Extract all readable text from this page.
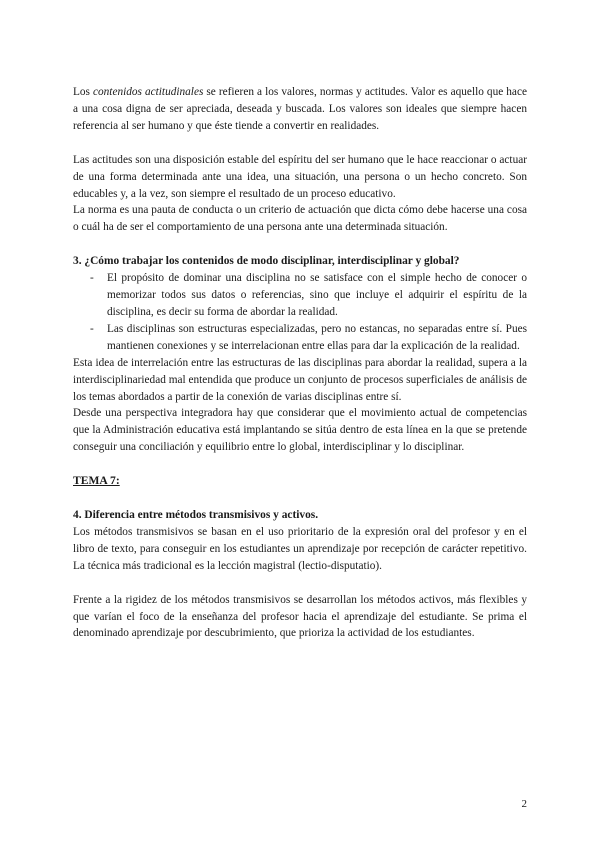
Los contenidos actitudinales se refieren a los valores, normas y actitudes. Valor es aquello que hace a una cosa digna de ser apreciada, deseada y buscada. Los valores son ideales que siempre hacen referencia al ser humano y que éste tiende a convertir en realidades.

Las actitudes son una disposición estable del espíritu del ser humano que le hace reaccionar o actuar de una forma determinada ante una idea, una situación, una persona o un hecho concreto. Son educables y, a la vez, son siempre el resultado de un proceso educativo.

La norma es una pauta de conducta o un criterio de actuación que dicta cómo debe hacerse una cosa o cuál ha de ser el comportamiento de una persona ante una determinada situación.

3. ¿Cómo trabajar los contenidos de modo disciplinar, interdisciplinar y global?
- El propósito de dominar una disciplina no se satisface con el simple hecho de conocer o memorizar todos sus datos o referencias, sino que incluye el adquirir el espíritu de la disciplina, es decir su forma de abordar la realidad.
- Las disciplinas son estructuras especializadas, pero no estancas, no separadas entre sí. Pues mantienen conexiones y se interrelacionan entre ellas para dar la explicación de la realidad.

Esta idea de interrelación entre las estructuras de las disciplinas para abordar la realidad, supera a la interdisciplinariedad mal entendida que produce un conjunto de procesos superficiales de análisis de los temas abordados a partir de la conexión de varias disciplinas entre sí.

Desde una perspectiva integradora hay que considerar que el movimiento actual de competencias que la Administración educativa está implantando se sitúa dentro de esta línea en la que se pretende conseguir una conciliación y equilibrio entre lo global, interdisciplinar y lo disciplinar.

TEMA 7:
4. Diferencia entre métodos transmisivos y activos.

Los métodos transmisivos se basan en el uso prioritario de la expresión oral del profesor y en el libro de texto, para conseguir en los estudiantes un aprendizaje por recepción de carácter repetitivo. La técnica más tradicional es la lección magistral (lectio-disputatio).

Frente a la rigidez de los métodos transmisivos se desarrollan los métodos activos, más flexibles y que varían el foco de la enseñanza del profesor hacia el aprendizaje del estudiante. Se prima el denominado aprendizaje por descubrimiento, que prioriza la actividad de los estudiantes.

2
